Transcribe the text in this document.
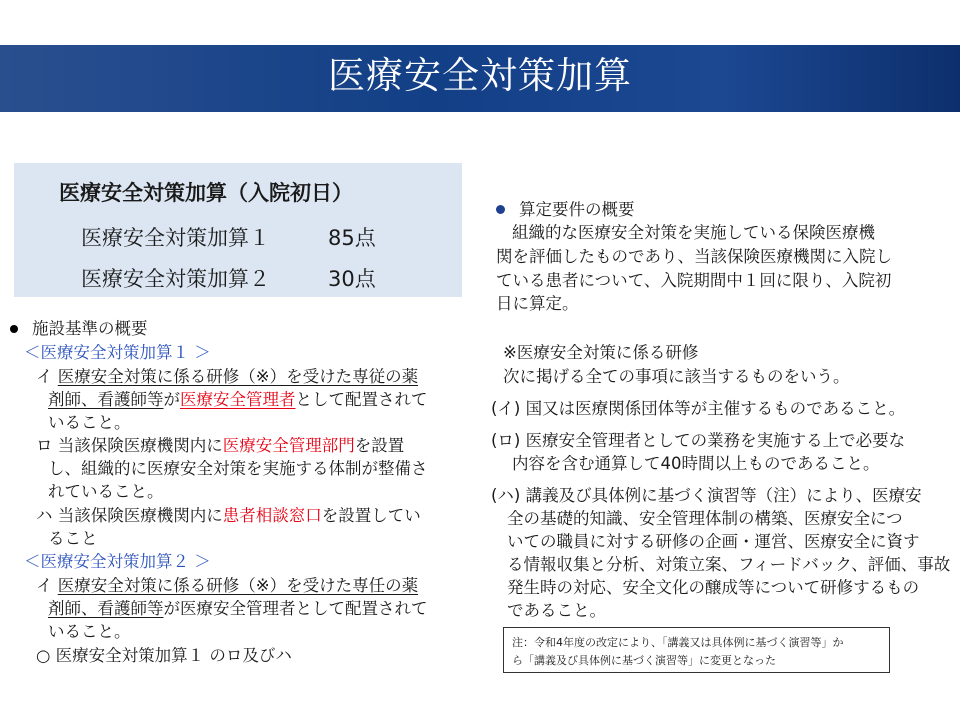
医療安全対策加算
医療安全対策加算（入院初日）
医療安全対策加算１	85点
医療安全対策加算２	30点
施設基準の概要
＜医療安全対策加算１ ＞
イ 医療安全対策に係る研修（※）を受けた専従の薬
剤師、看護師等が医療安全管理者として配置されて
いること。
ロ 当該保険医療機関内に医療安全管理部門を設置
し、組織的に医療安全対策を実施する体制が整備さ
れていること。
ハ 当該保険医療機関内に患者相談窓口を設置してい
ること
＜医療安全対策加算２ ＞
イ 医療安全対策に係る研修（※）を受けた専任の薬
剤師、看護師等が医療安全管理者として配置されて
いること。
○ 医療安全対策加算１ のロ及びハ
算定要件の概要
組織的な医療安全対策を実施している保険医療機
関を評価したものであり、当該保険医療機関に入院し
ている患者について、入院期間中１回に限り、入院初
日に算定。
※医療安全対策に係る研修
次に掲げる全ての事項に該当するものをいう。
(イ) 国又は医療関係団体等が主催するものであること。
(ロ) 医療安全管理者としての業務を実施する上で必要な
内容を含む通算して40時間以上ものであること。
(ハ) 講義及び具体例に基づく演習等（注）により、医療安
全の基礎的知識、安全管理体制の構築、医療安全につ
いての職員に対する研修の企画・運営、医療安全に資す
る情報収集と分析、対策立案、フィードバック、評価、事故
発生時の対応、安全文化の醸成等について研修するもの
であること。
注：令和4年度の改定により、「講義又は具体例に基づく演習等」か
ら「講義及び具体例に基づく演習等」に変更となった
